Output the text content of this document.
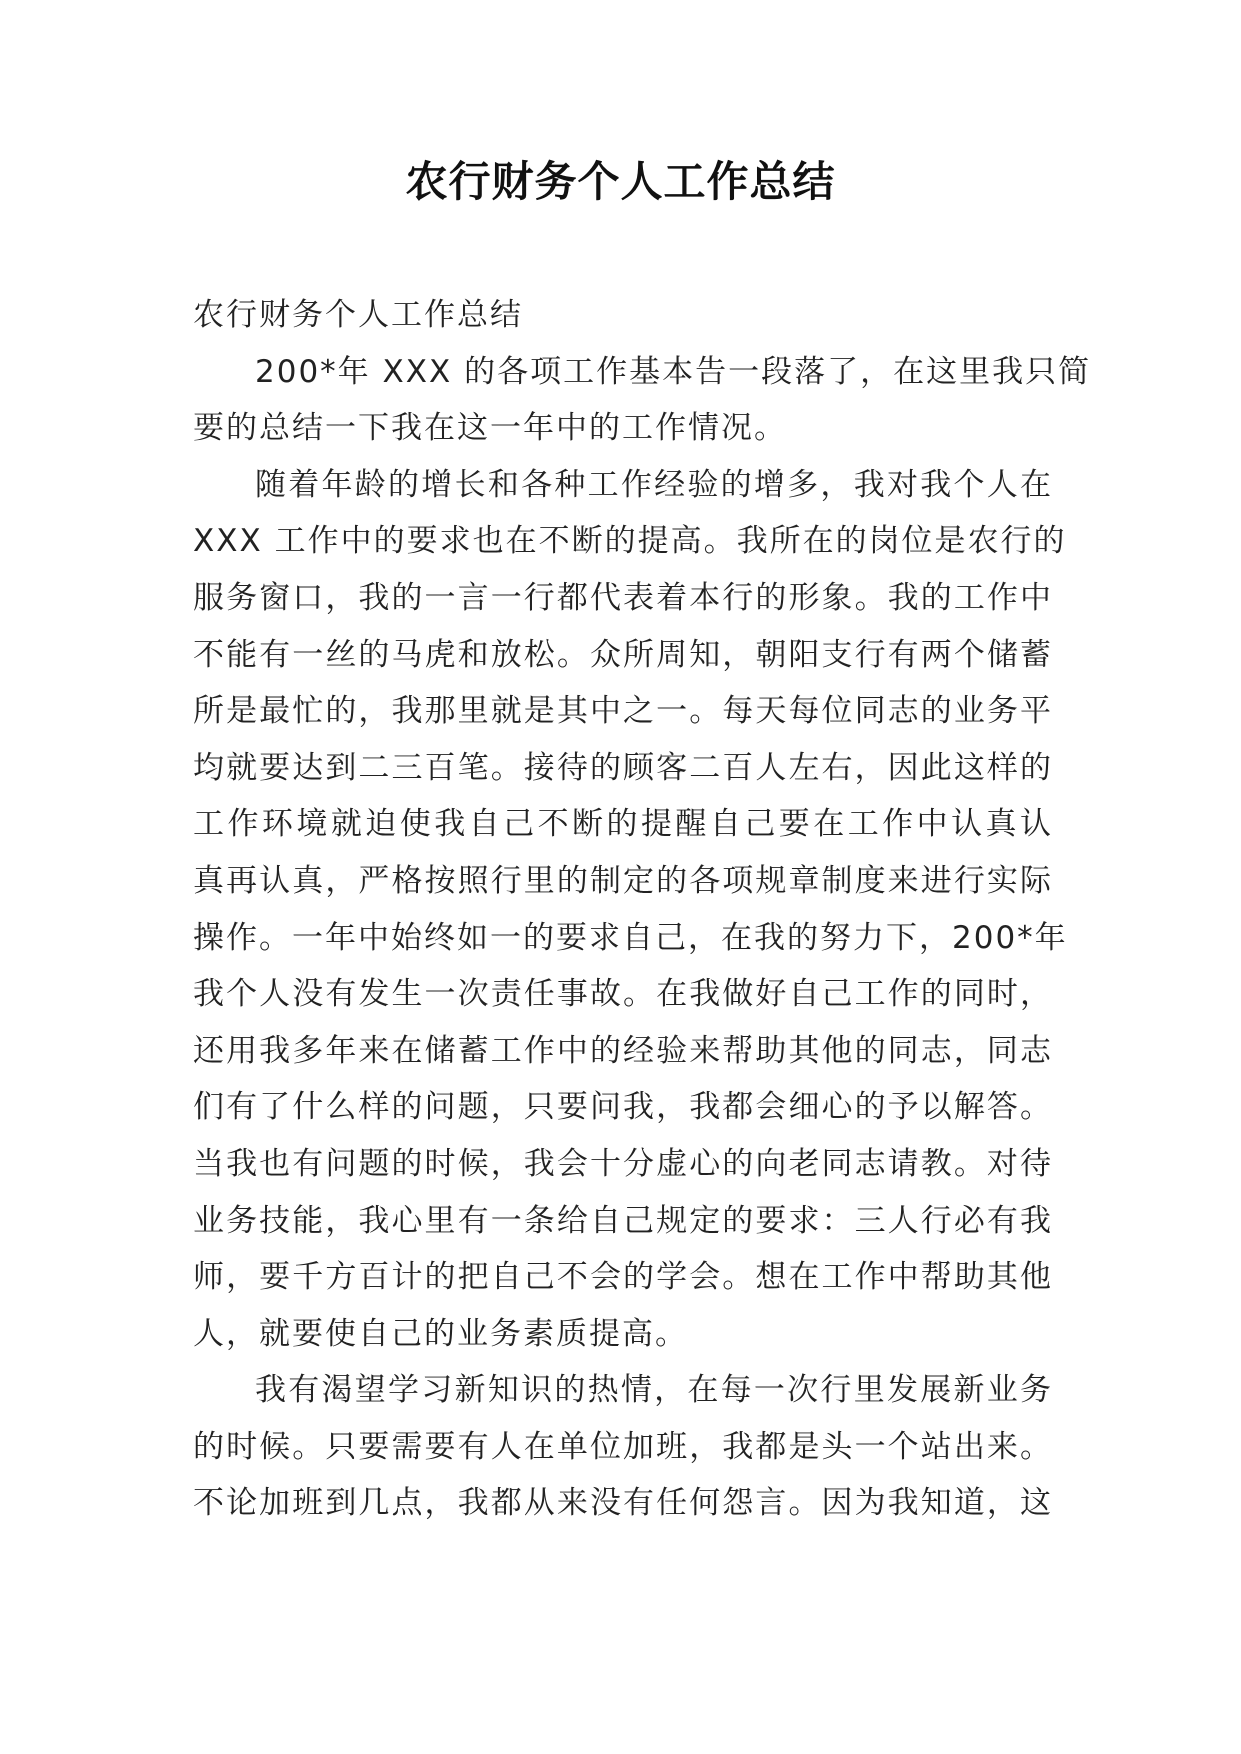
农行财务个人工作总结
农行财务个人工作总结
200*年 XXX 的各项工作基本告一段落了，在这里我只简
要的总结一下我在这一年中的工作情况。
随着年龄的增长和各种工作经验的增多，我对我个人在
XXX 工作中的要求也在不断的提高。我所在的岗位是农行的
服务窗口，我的一言一行都代表着本行的形象。我的工作中
不能有一丝的马虎和放松。众所周知，朝阳支行有两个储蓄
所是最忙的，我那里就是其中之一。每天每位同志的业务平
均就要达到二三百笔。接待的顾客二百人左右，因此这样的
工作环境就迫使我自己不断的提醒自己要在工作中认真认
真再认真，严格按照行里的制定的各项规章制度来进行实际
操作。一年中始终如一的要求自己，在我的努力下，200*年
我个人没有发生一次责任事故。在我做好自己工作的同时，
还用我多年来在储蓄工作中的经验来帮助其他的同志，同志
们有了什么样的问题，只要问我，我都会细心的予以解答。
当我也有问题的时候，我会十分虚心的向老同志请教。对待
业务技能，我心里有一条给自己规定的要求：三人行必有我
师，要千方百计的把自己不会的学会。想在工作中帮助其他
人，就要使自己的业务素质提高。
我有渴望学习新知识的热情，在每一次行里发展新业务
的时候。只要需要有人在单位加班，我都是头一个站出来。
不论加班到几点，我都从来没有任何怨言。因为我知道，这
